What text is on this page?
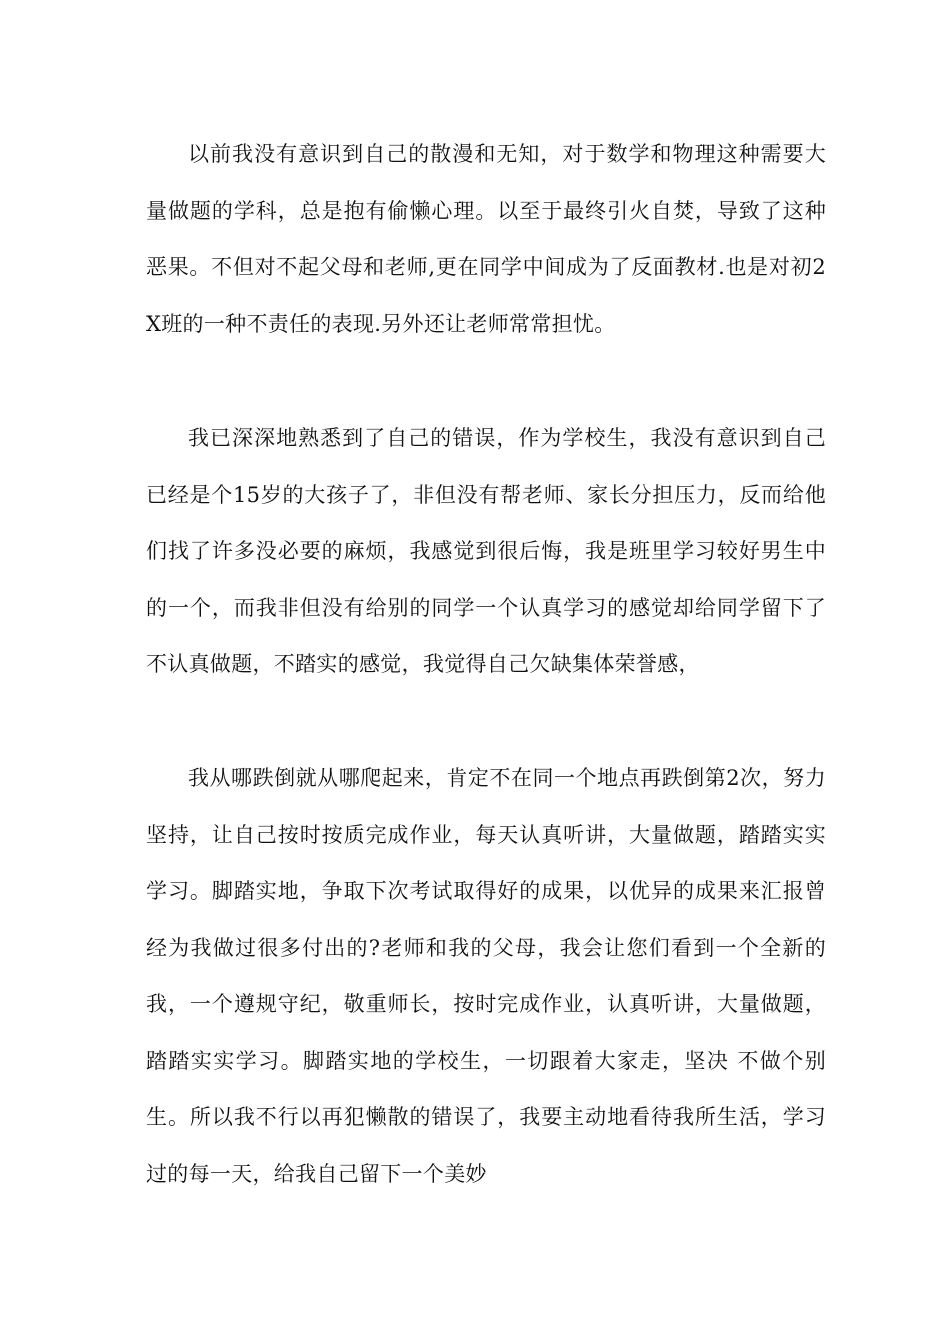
以前我没有意识到自己的散漫和无知，对于数学和物理这种需要大量做题的学科，总是抱有偷懒心理。以至于最终引火自焚，导致了这种恶果。不但对不起父母和老师,更在同学中间成为了反面教材.也是对初2X班的一种不责任的表现.另外还让老师常常担忧。

我已深深地熟悉到了自己的错误，作为学校生，我没有意识到自己已经是个15岁的大孩子了，非但没有帮老师、家长分担压力，反而给他们找了许多没必要的麻烦，我感觉到很后悔，我是班里学习较好男生中的一个，而我非但没有给别的同学一个认真学习的感觉却给同学留下了不认真做题，不踏实的感觉，我觉得自己欠缺集体荣誉感，

我从哪跌倒就从哪爬起来，肯定不在同一个地点再跌倒第2次，努力坚持，让自己按时按质完成作业，每天认真听讲，大量做题，踏踏实实学习。脚踏实地，争取下次考试取得好的成果，以优异的成果来汇报曾经为我做过很多付出的?老师和我的父母，我会让您们看到一个全新的我，一个遵规守纪，敬重师长，按时完成作业，认真听讲，大量做题，踏踏实实学习。脚踏实地的学校生，一切跟着大家走，坚决 不做个别生。所以我不行以再犯懒散的错误了，我要主动地看待我所生活，学习过的每一天，给我自己留下一个美妙
